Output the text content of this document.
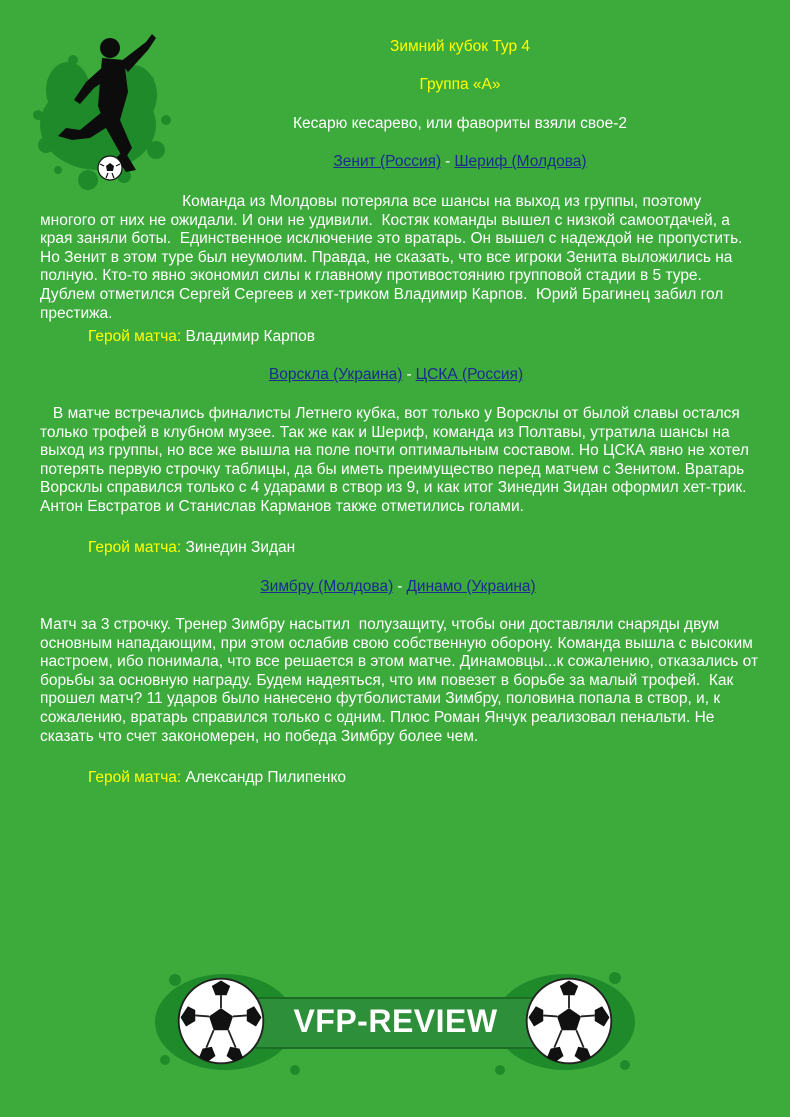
Зимний кубок Тур 4
Группа «А»
Кесарю кесарево, или фавориты взяли свое-2
Зенит (Россия) - Шериф (Молдова)
Команда из Молдовы потеряла все шансы на выход из группы, поэтому многого от них не ожидали. И они не удивили.  Костяк команды вышел с низкой самоотдачей, а края заняли боты.  Единственное исключение это вратарь. Он вышел с надеждой не пропустить. Но Зенит в этом туре был неумолим. Правда, не сказать, что все игроки Зенита выложились на полную. Кто-то явно экономил силы к главному противостоянию групповой стадии в 5 туре.  Дублем отметился Сергей Сергеев и хет-триком Владимир Карпов.  Юрий Брагинец забил гол престижа.
Герой матча: Владимир Карпов
Ворскла (Украина) - ЦСКА (Россия)
В матче встречались финалисты Летнего кубка, вот только у Ворсклы от былой славы остался только трофей в клубном музее. Так же как и Шериф, команда из Полтавы, утратила шансы на выход из группы, но все же вышла на поле почти оптимальным составом. Но ЦСКА явно не хотел потерять первую строчку таблицы, да бы иметь преимущество перед матчем с Зенитом. Вратарь Ворсклы справился только с 4 ударами в створ из 9, и как итог Зинедин Зидан оформил хет-трик. Антон Евстратов и Станислав Карманов также отметились голами.
Герой матча: Зинедин Зидан
Зимбру (Молдова) - Динамо (Украина)
Матч за 3 строчку. Тренер Зимбру насытил  полузащиту, чтобы они доставляли снаряды двум основным нападающим, при этом ослабив свою собственную оборону. Команда вышла с высоким настроем, ибо понимала, что все решается в этом матче. Динамовцы...к сожалению, отказались от борьбы за основную награду. Будем надеяться, что им повезет в борьбе за малый трофей.  Как прошел матч? 11 ударов было нанесено футболистами Зимбру, половина попала в створ, и, к сожалению, вратарь справился только с одним. Плюс Роман Янчук реализовал пенальти. Не сказать что счет закономерен, но победа Зимбру более чем.
Герой матча: Александр Пилипенко
VFP-REVIEW
